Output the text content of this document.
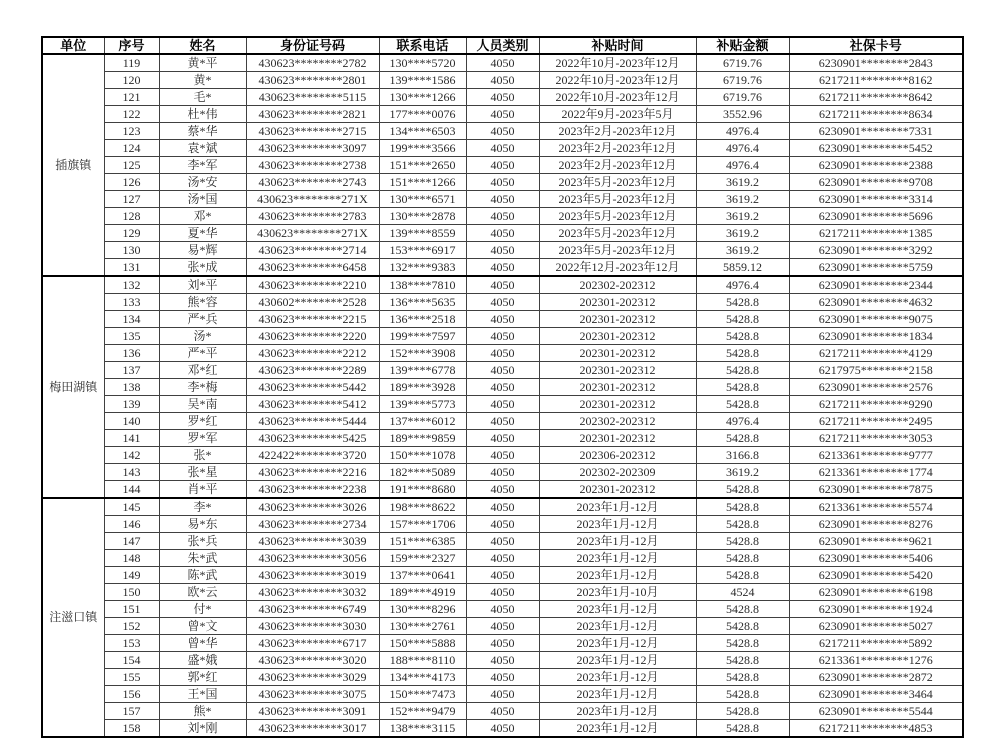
单位	序号	姓名	身份证号码	联系电话	人员类别	补贴时间	补贴金额	社保卡号
插旗镇	119	黄*平	430623********2782	130****5720	4050	2022年10月-2023年12月	6719.76	6230901********2843
	120	黄*	430623********2801	139****1586	4050	2022年10月-2023年12月	6719.76	6217211********8162
	121	毛*	430623********5115	130****1266	4050	2022年10月-2023年12月	6719.76	6217211********8642
	122	杜*伟	430623********2821	177****0076	4050	2022年9月-2023年5月	3552.96	6217211********8634
	123	蔡*华	430623********2715	134****6503	4050	2023年2月-2023年12月	4976.4	6230901********7331
	124	袁*斌	430623********3097	199****3566	4050	2023年2月-2023年12月	4976.4	6230901********5452
	125	李*军	430623********2738	151****2650	4050	2023年2月-2023年12月	4976.4	6230901********2388
	126	汤*安	430623********2743	151****1266	4050	2023年5月-2023年12月	3619.2	6230901********9708
	127	汤*国	430623********271X	130****6571	4050	2023年5月-2023年12月	3619.2	6230901********3314
	128	邓*	430623********2783	130****2878	4050	2023年5月-2023年12月	3619.2	6230901********5696
	129	夏*华	430623********271X	139****8559	4050	2023年5月-2023年12月	3619.2	6217211********1385
	130	易*辉	430623********2714	153****6917	4050	2023年5月-2023年12月	3619.2	6230901********3292
	131	张*成	430623********6458	132****9383	4050	2022年12月-2023年12月	5859.12	6230901********5759
梅田湖镇	132	刘*平	430623********2210	138****7810	4050	202302-202312	4976.4	6230901********2344
	133	熊*容	430602********2528	136****5635	4050	202301-202312	5428.8	6230901********4632
	134	严*兵	430623********2215	136****2518	4050	202301-202312	5428.8	6230901********9075
	135	汤*	430623********2220	199****7597	4050	202301-202312	5428.8	6230901********1834
	136	严*平	430623********2212	152****3908	4050	202301-202312	5428.8	6217211********4129
	137	邓*红	430623********2289	139****6778	4050	202301-202312	5428.8	6217975********2158
	138	李*梅	430623********5442	189****3928	4050	202301-202312	5428.8	6230901********2576
	139	吴*南	430623********5412	139****5773	4050	202301-202312	5428.8	6217211********9290
	140	罗*红	430623********5444	137****6012	4050	202302-202312	4976.4	6217211********2495
	141	罗*军	430623********5425	189****9859	4050	202301-202312	5428.8	6217211********3053
	142	张*	422422********3720	150****1078	4050	202306-202312	3166.8	6213361********9777
	143	张*星	430623********2216	182****5089	4050	202302-202309	3619.2	6213361********1774
	144	肖*平	430623********2238	191****8680	4050	202301-202312	5428.8	6230901********7875
注滋口镇	145	李*	430623********3026	198****8622	4050	2023年1月-12月	5428.8	6213361********5574
	146	易*东	430623********2734	157****1706	4050	2023年1月-12月	5428.8	6230901********8276
	147	张*兵	430623********3039	151****6385	4050	2023年1月-12月	5428.8	6230901********9621
	148	朱*武	430623********3056	159****2327	4050	2023年1月-12月	5428.8	6230901********5406
	149	陈*武	430623********3019	137****0641	4050	2023年1月-12月	5428.8	6230901********5420
	150	欧*云	430623********3032	189****4919	4050	2023年1月-10月	4524	6230901********6198
	151	付*	430623********6749	130****8296	4050	2023年1月-12月	5428.8	6230901********1924
	152	曾*文	430623********3030	130****2761	4050	2023年1月-12月	5428.8	6230901********5027
	153	曾*华	430623********6717	150****5888	4050	2023年1月-12月	5428.8	6217211********5892
	154	盛*娥	430623********3020	188****8110	4050	2023年1月-12月	5428.8	6213361********1276
	155	郭*红	430623********3029	134****4173	4050	2023年1月-12月	5428.8	6230901********2872
	156	王*国	430623********3075	150****7473	4050	2023年1月-12月	5428.8	6230901********3464
	157	熊*	430623********3091	152****9479	4050	2023年1月-12月	5428.8	6230901********5544
	158	刘*刚	430623********3017	138****3115	4050	2023年1月-12月	5428.8	6217211********4853
